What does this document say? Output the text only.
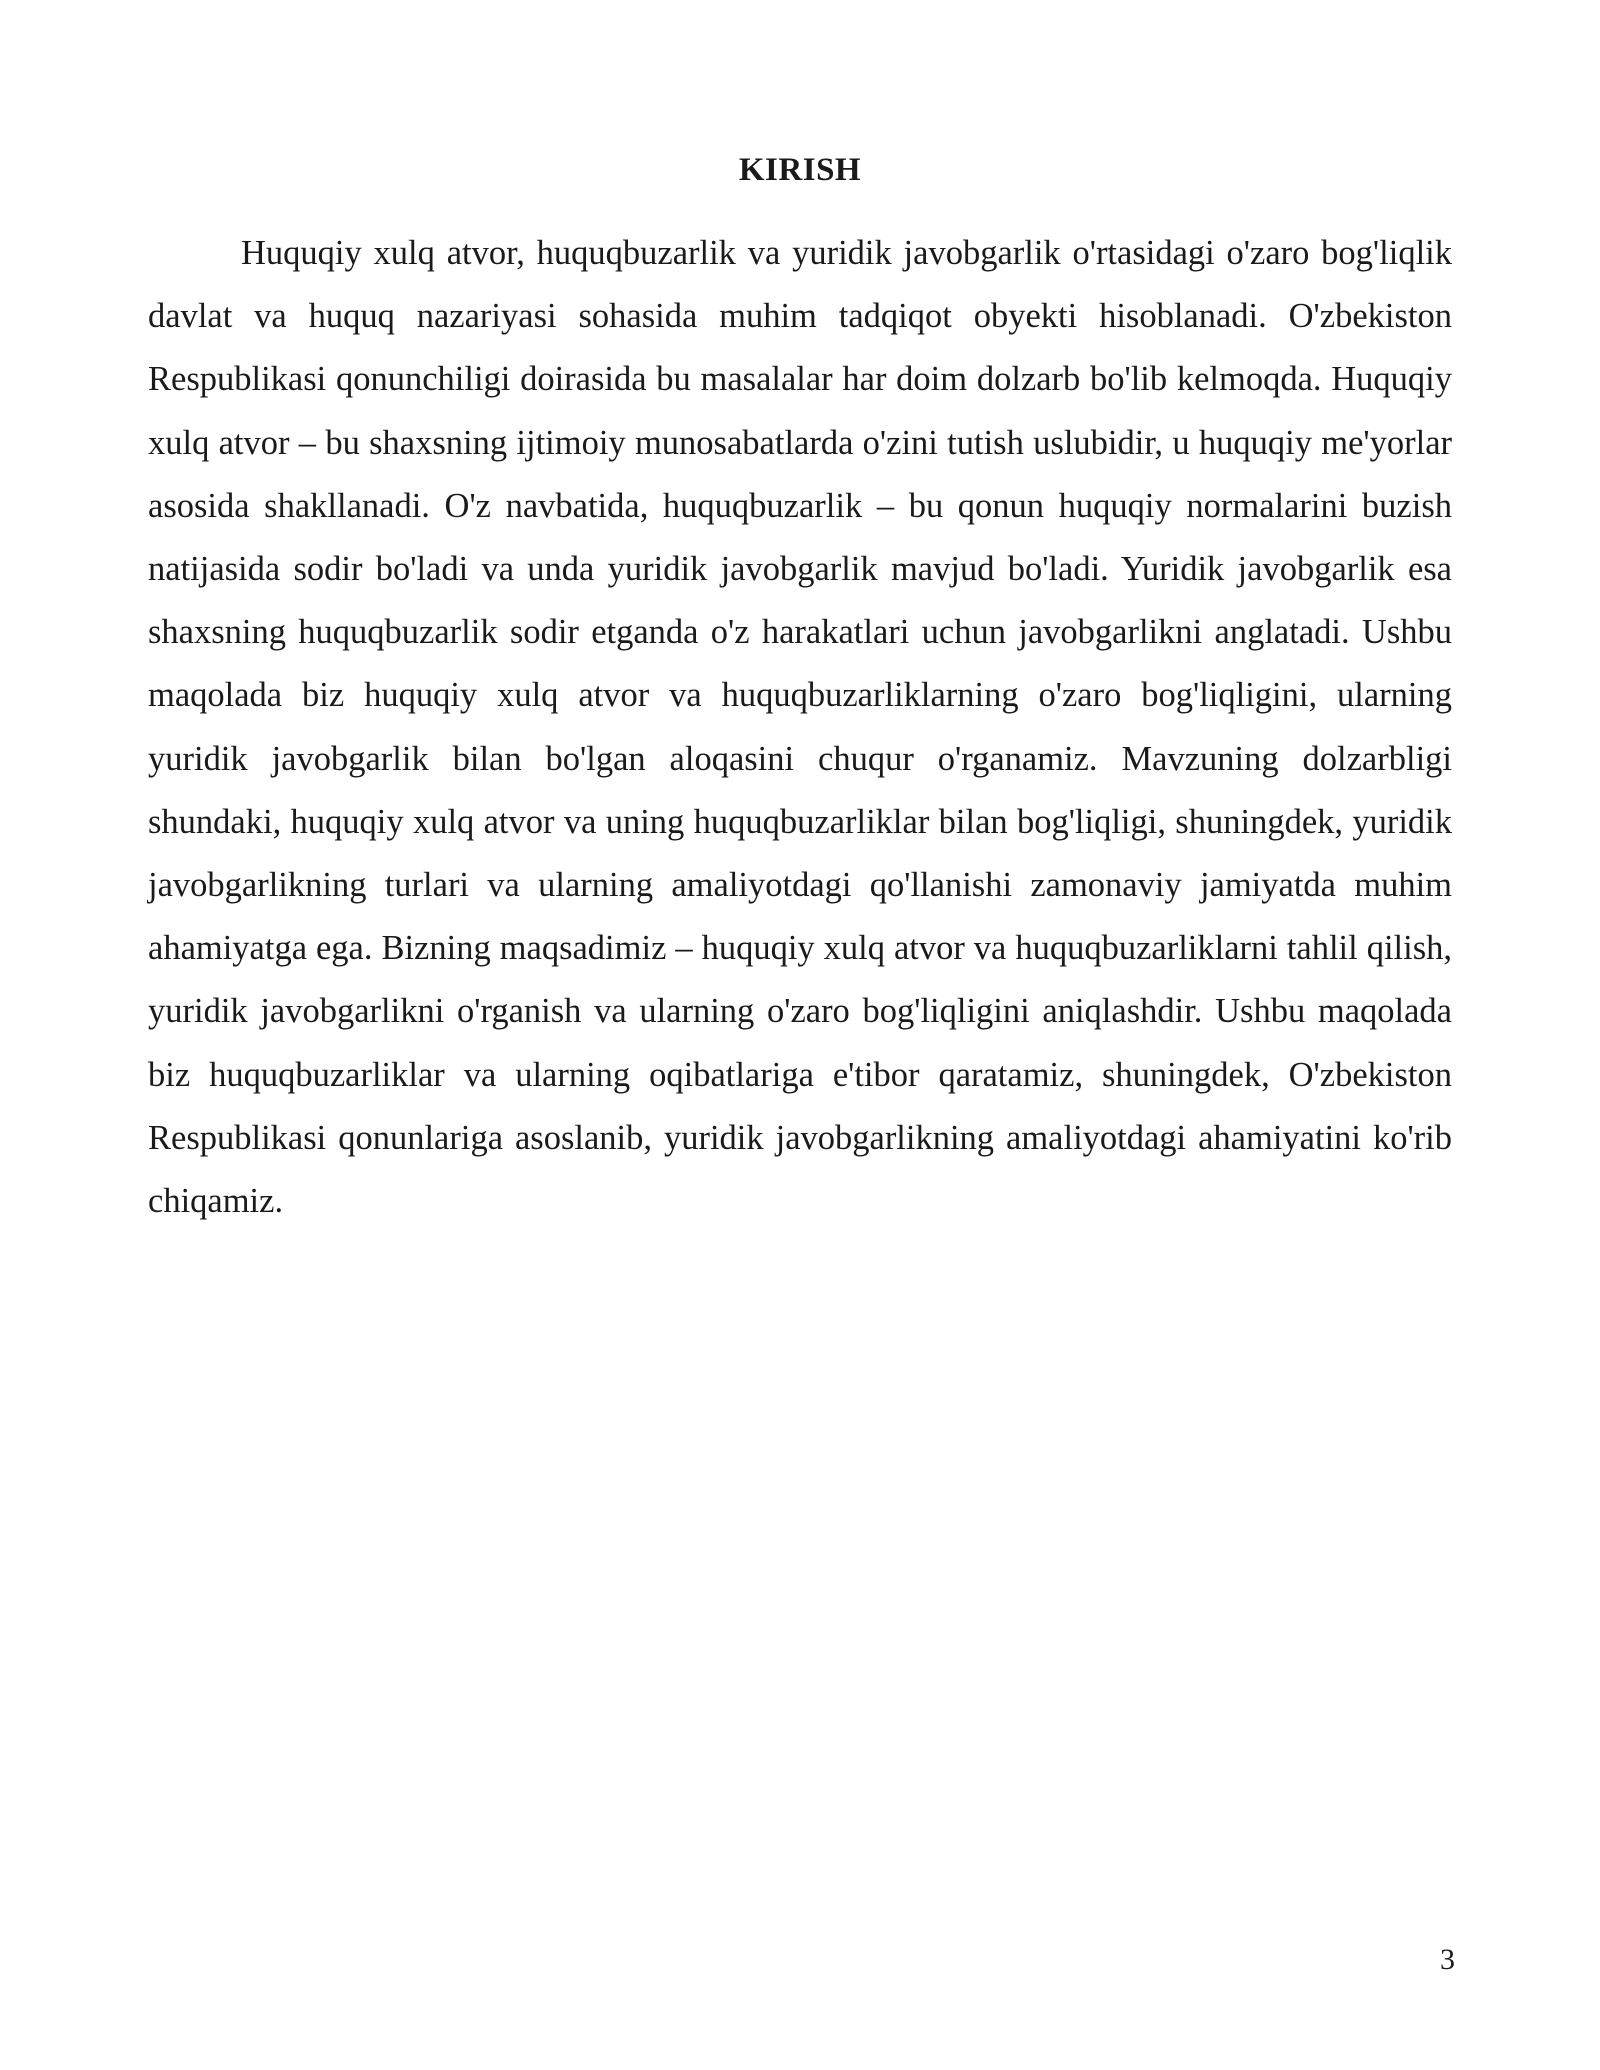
KIRISH

Huquqiy xulq atvor, huquqbuzarlik va yuridik javobgarlik o'rtasidagi o'zaro bog'liqlik davlat va huquq nazariyasi sohasida muhim tadqiqot obyekti hisoblanadi. O'zbekiston Respublikasi qonunchiligi doirasida bu masalalar har doim dolzarb bo'lib kelmoqda. Huquqiy xulq atvor – bu shaxsning ijtimoiy munosabatlarda o'zini tutish uslubidir, u huquqiy me'yorlar asosida shakllanadi. O'z navbatida, huquqbuzarlik – bu qonun huquqiy normalarini buzish natijasida sodir bo'ladi va unda yuridik javobgarlik mavjud bo'ladi. Yuridik javobgarlik esa shaxsning huquqbuzarlik sodir etganda o'z harakatlari uchun javobgarlikni anglatadi. Ushbu maqolada biz huquqiy xulq atvor va huquqbuzarliklarning o'zaro bog'liqligini, ularning yuridik javobgarlik bilan bo'lgan aloqasini chuqur o'rganamiz. Mavzuning dolzarbligi shundaki, huquqiy xulq atvor va uning huquqbuzarliklar bilan bog'liqligi, shuningdek, yuridik javobgarlikning turlari va ularning amaliyotdagi qo'llanishi zamonaviy jamiyatda muhim ahamiyatga ega. Bizning maqsadimiz – huquqiy xulq atvor va huquqbuzarliklarni tahlil qilish, yuridik javobgarlikni o'rganish va ularning o'zaro bog'liqligini aniqlashdir. Ushbu maqolada biz huquqbuzarliklar va ularning oqibatlariga e'tibor qaratamiz, shuningdek, O'zbekiston Respublikasi qonunlariga asoslanib, yuridik javobgarlikning amaliyotdagi ahamiyatini ko'rib chiqamiz.

3
